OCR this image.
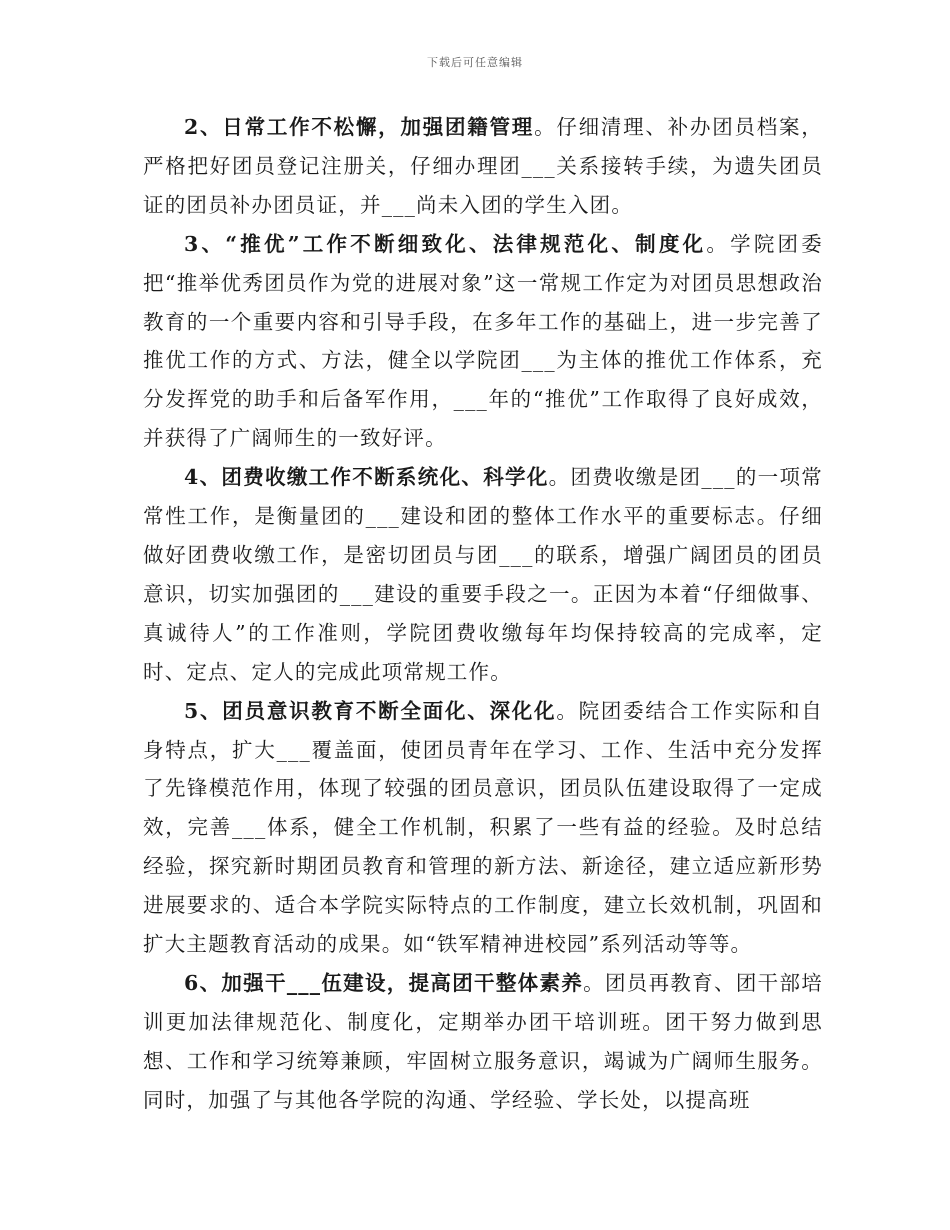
下载后可任意编辑

2、日常工作不松懈，加强团籍管理。仔细清理、补办团员档案，严格把好团员登记注册关，仔细办理团___关系接转手续，为遗失团员证的团员补办团员证，并___尚未入团的学生入团。

3、“推优”工作不断细致化、法律规范化、制度化。学院团委把“推举优秀团员作为党的进展对象”这一常规工作定为对团员思想政治教育的一个重要内容和引导手段，在多年工作的基础上，进一步完善了推优工作的方式、方法，健全以学院团___为主体的推优工作体系，充分发挥党的助手和后备军作用，___年的“推优”工作取得了良好成效，并获得了广阔师生的一致好评。

4、团费收缴工作不断系统化、科学化。团费收缴是团___的一项常常性工作，是衡量团的___建设和团的整体工作水平的重要标志。仔细做好团费收缴工作，是密切团员与团___的联系，增强广阔团员的团员意识，切实加强团的___建设的重要手段之一。正因为本着“仔细做事、真诚待人”的工作准则，学院团费收缴每年均保持较高的完成率，定时、定点、定人的完成此项常规工作。

5、团员意识教育不断全面化、深化化。院团委结合工作实际和自身特点，扩大___覆盖面，使团员青年在学习、工作、生活中充分发挥了先锋模范作用，体现了较强的团员意识，团员队伍建设取得了一定成效，完善___体系，健全工作机制，积累了一些有益的经验。及时总结经验，探究新时期团员教育和管理的新方法、新途径，建立适应新形势进展要求的、适合本学院实际特点的工作制度，建立长效机制，巩固和扩大主题教育活动的成果。如“铁军精神进校园”系列活动等等。

6、加强干___伍建设，提高团干整体素养。团员再教育、团干部培训更加法律规范化、制度化，定期举办团干培训班。团干努力做到思想、工作和学习统筹兼顾，牢固树立服务意识，竭诚为广阔师生服务。同时，加强了与其他各学院的沟通、学经验、学长处，以提高班
